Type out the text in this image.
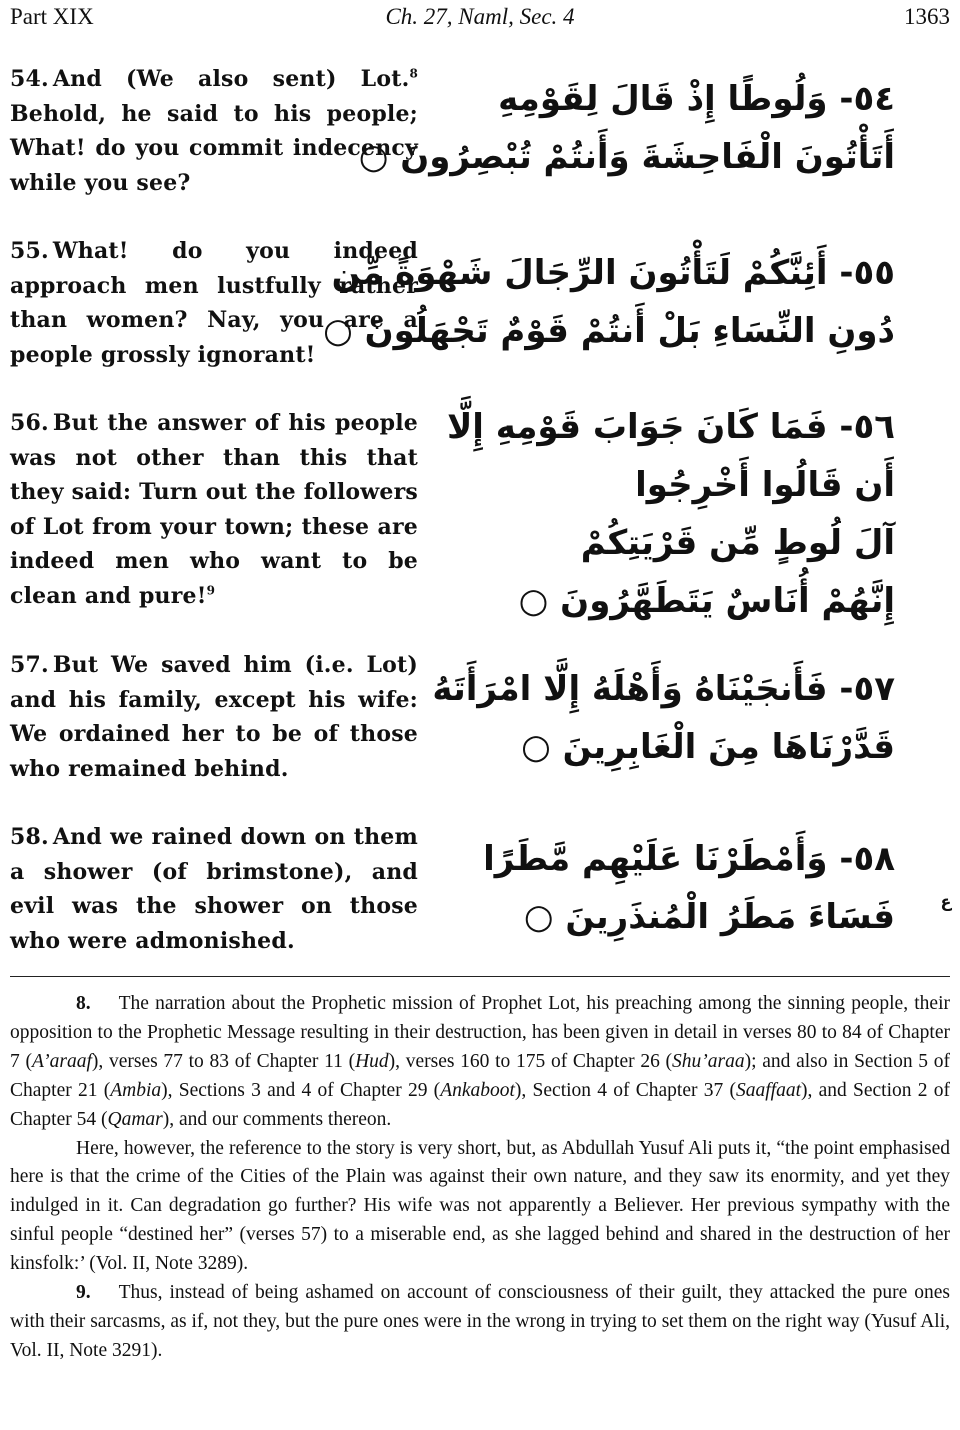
Part XIX	Ch. 27, Naml, Sec. 4	1363
54. And (We also sent) Lot.$^8$ Behold, he said to his people; What! do you commit indecency while you see?
٥٤- وَلُوطًا إِذْ قَالَ لِقَوْمِهِ
أَتَأْتُونَ الْفَاحِشَةَ وَأَنتُمْ تُبْصِرُونَ ○
55. What! do you indeed approach men lustfully rather than women? Nay, you are a people grossly ignorant!
٥٥- أَئِنَّكُمْ لَتَأْتُونَ الرِّجَالَ شَهْوَةً مِّن
دُونِ النِّسَاءِ بَلْ أَنتُمْ قَوْمٌ تَجْهَلُونَ ○
56. But the answer of his people was not other than this that they said: Turn out the followers of Lot from your town; these are indeed men who want to be clean and pure!$^9$
٥٦- فَمَا كَانَ جَوَابَ قَوْمِهِ إِلَّا
أَن قَالُوا أَخْرِجُوا
آلَ لُوطٍ مِّن قَرْيَتِكُمْ
إِنَّهُمْ أُنَاسٌ يَتَطَهَّرُونَ ○
57. But We saved him (i.e. Lot) and his family, except his wife: We ordained her to be of those who remained behind.
٥٧- فَأَنجَيْنَاهُ وَأَهْلَهُ إِلَّا امْرَأَتَهُ
قَدَّرْنَاهَا مِنَ الْغَابِرِينَ ○
58. And we rained down on them a shower (of brimstone), and evil was the shower on those who were admonished.
٥٨- وَأَمْطَرْنَا عَلَيْهِم مَّطَرًا
فَسَاءَ مَطَرُ الْمُنذَرِينَ ○	ع

8. The narration about the Prophetic mission of Prophet Lot, his preaching among the sinning people, their opposition to the Prophetic Message resulting in their destruction, has been given in detail in verses 80 to 84 of Chapter 7 (A’araaf), verses 77 to 83 of Chapter 11 (Hud), verses 160 to 175 of Chapter 26 (Shu’araa); and also in Section 5 of Chapter 21 (Ambia), Sections 3 and 4 of Chapter 29 (Ankaboot), Section 4 of Chapter 37 (Saaffaat), and Section 2 of Chapter 54 (Qamar), and our comments thereon.

Here, however, the reference to the story is very short, but, as Abdullah Yusuf Ali puts it, “the point emphasised here is that the crime of the Cities of the Plain was against their own nature, and they saw its enormity, and yet they indulged in it. Can degradation go further? His wife was not apparently a Believer. Her previous sympathy with the sinful people “destined her” (verses 57) to a miserable end, as she lagged behind and shared in the destruction of her kinsfolk:’ (Vol. II, Note 3289).

9. Thus, instead of being ashamed on account of consciousness of their guilt, they attacked the pure ones with their sarcasms, as if, not they, but the pure ones were in the wrong in trying to set them on the right way (Yusuf Ali, Vol. II, Note 3291).
